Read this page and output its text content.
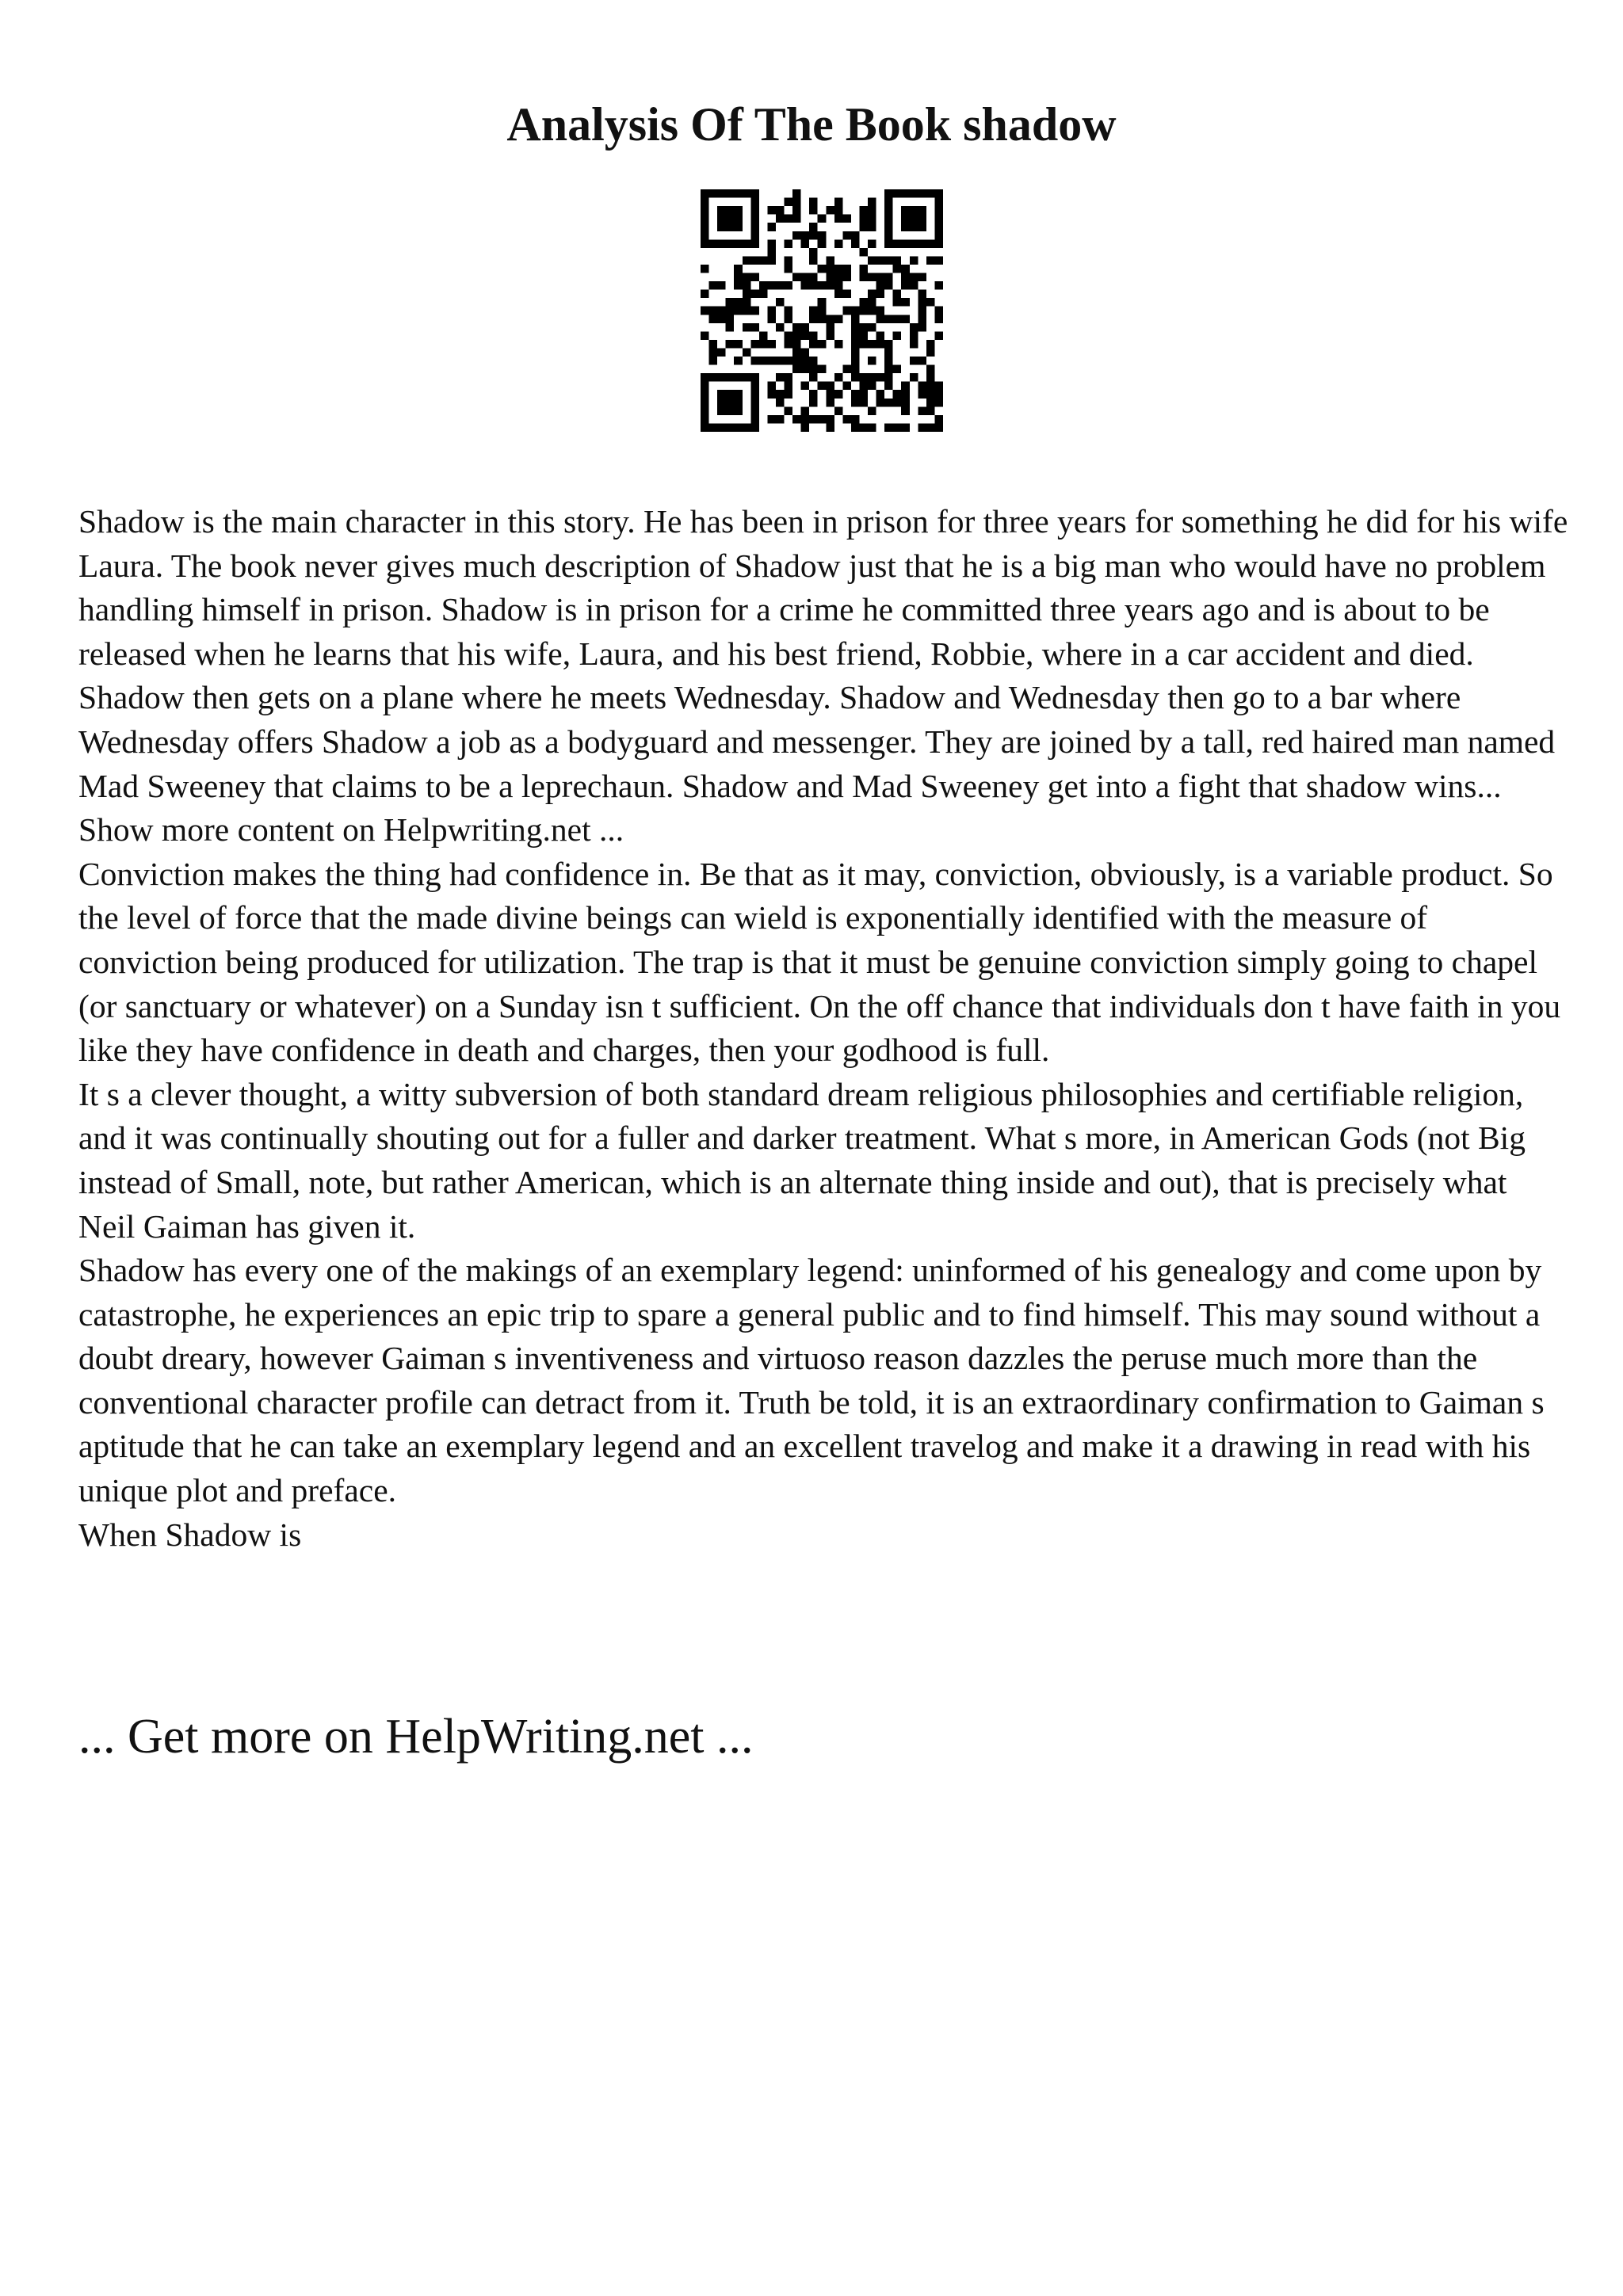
Analysis Of The Book shadow

Shadow is the main character in this story. He has been in prison for three years for something he did for his wife Laura. The book never gives much description of Shadow just that he is a big man who would have no problem handling himself in prison. Shadow is in prison for a crime he committed three years ago and is about to be released when he learns that his wife, Laura, and his best friend, Robbie, where in a car accident and died. Shadow then gets on a plane where he meets Wednesday. Shadow and Wednesday then go to a bar where Wednesday offers Shadow a job as a bodyguard and messenger. They are joined by a tall, red haired man named Mad Sweeney that claims to be a leprechaun. Shadow and Mad Sweeney get into a fight that shadow wins... Show more content on Helpwriting.net ...

Conviction makes the thing had confidence in. Be that as it may, conviction, obviously, is a variable product. So the level of force that the made divine beings can wield is exponentially identified with the measure of conviction being produced for utilization. The trap is that it must be genuine conviction simply going to chapel (or sanctuary or whatever) on a Sunday isn t sufficient. On the off chance that individuals don t have faith in you like they have confidence in death and charges, then your godhood is full.

It s a clever thought, a witty subversion of both standard dream religious philosophies and certifiable religion, and it was continually shouting out for a fuller and darker treatment. What s more, in American Gods (not Big instead of Small, note, but rather American, which is an alternate thing inside and out), that is precisely what Neil Gaiman has given it.

Shadow has every one of the makings of an exemplary legend: uninformed of his genealogy and come upon by catastrophe, he experiences an epic trip to spare a general public and to find himself. This may sound without a doubt dreary, however Gaiman s inventiveness and virtuoso reason dazzles the peruse much more than the conventional character profile can detract from it. Truth be told, it is an extraordinary confirmation to Gaiman s aptitude that he can take an exemplary legend and an excellent travelog and make it a drawing in read with his unique plot and preface.

When Shadow is

... Get more on HelpWriting.net ...
